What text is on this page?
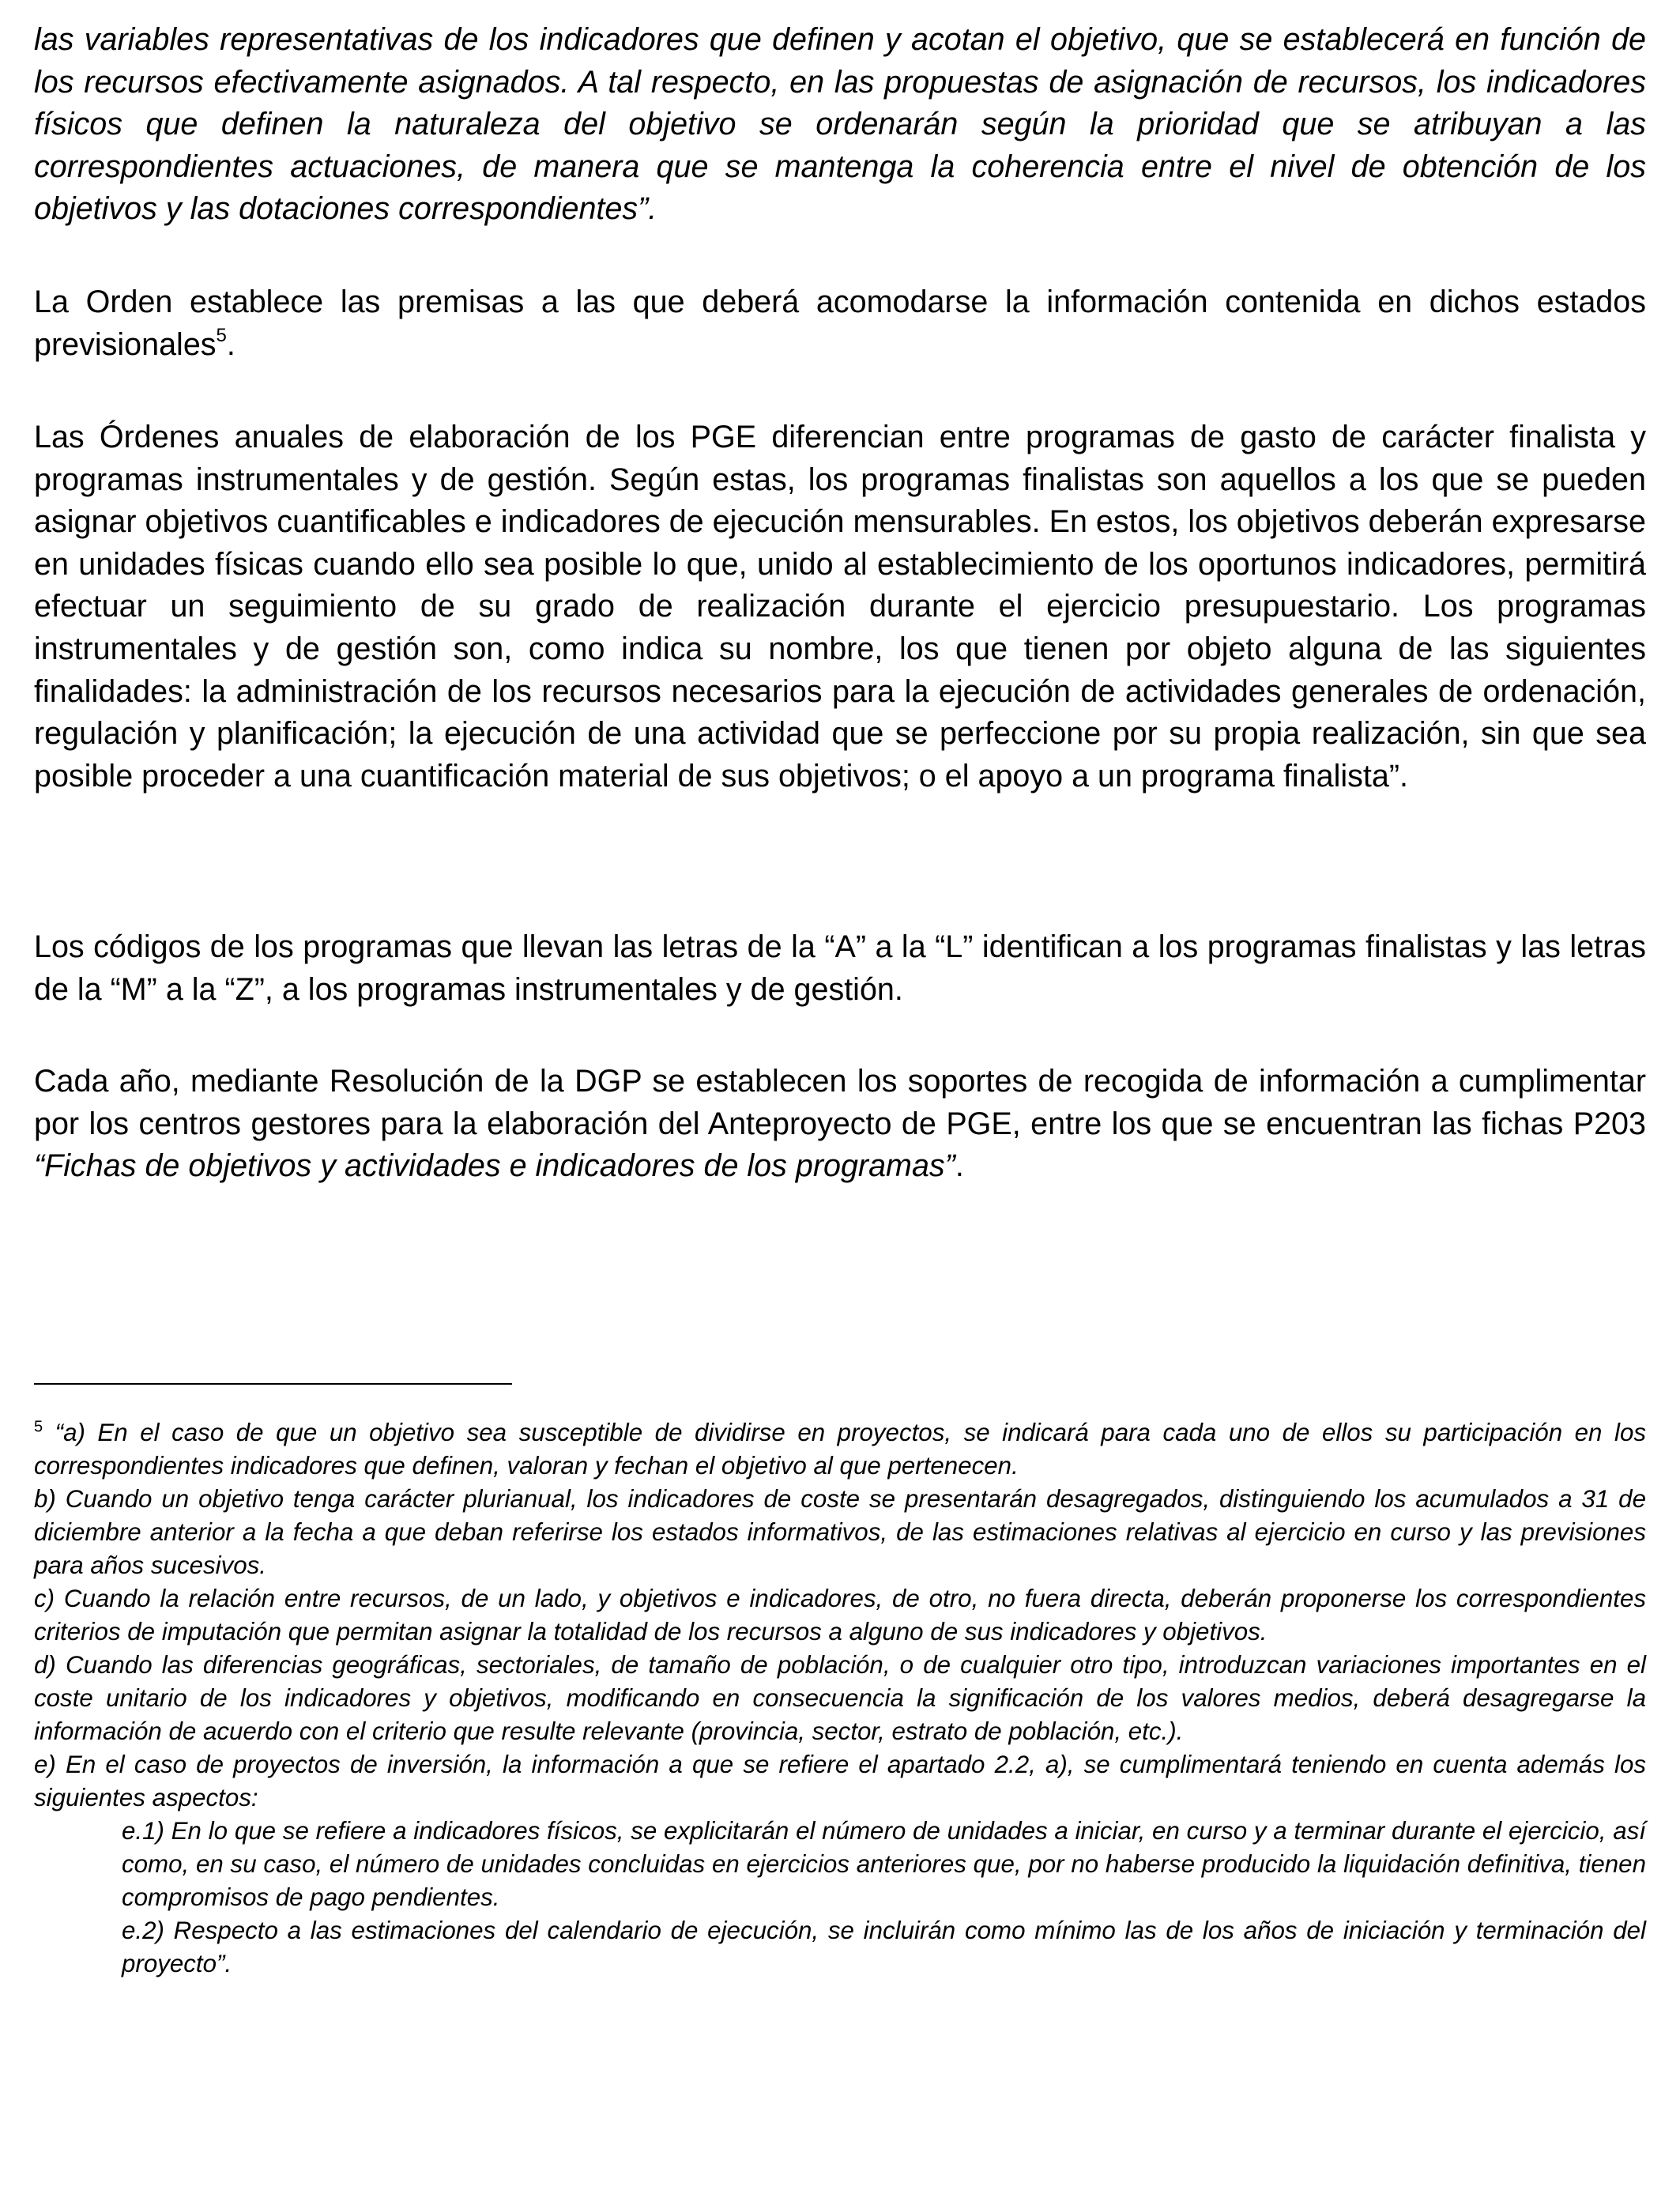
las variables representativas de los indicadores que definen y acotan el objetivo, que se establecerá en función de los recursos efectivamente asignados. A tal respecto, en las propuestas de asignación de recursos, los indicadores físicos que definen la naturaleza del objetivo se ordenarán según la prioridad que se atribuyan a las correspondientes actuaciones, de manera que se mantenga la coherencia entre el nivel de obtención de los objetivos y las dotaciones correspondientes”.

La Orden establece las premisas a las que deberá acomodarse la información contenida en dichos estados previsionales$^5$.

Las Órdenes anuales de elaboración de los PGE diferencian entre programas de gasto de carácter finalista y programas instrumentales y de gestión. Según estas, los programas finalistas son aquellos a los que se pueden asignar objetivos cuantificables e indicadores de ejecución mensurables. En estos, los objetivos deberán expresarse en unidades físicas cuando ello sea posible lo que, unido al establecimiento de los oportunos indicadores, permitirá efectuar un seguimiento de su grado de realización durante el ejercicio presupuestario. Los programas instrumentales y de gestión son, como indica su nombre, los que tienen por objeto alguna de las siguientes finalidades: la administración de los recursos necesarios para la ejecución de actividades generales de ordenación, regulación y planificación; la ejecución de una actividad que se perfeccione por su propia realización, sin que sea posible proceder a una cuantificación material de sus objetivos; o el apoyo a un programa finalista”.

Los códigos de los programas que llevan las letras de la “A” a la “L” identifican a los programas finalistas y las letras de la “M” a la “Z”, a los programas instrumentales y de gestión.

Cada año, mediante Resolución de la DGP se establecen los soportes de recogida de información a cumplimentar por los centros gestores para la elaboración del Anteproyecto de PGE, entre los que se encuentran las fichas P203 “Fichas de objetivos y actividades e indicadores de los programas”.

$^5$ “a) En el caso de que un objetivo sea susceptible de dividirse en proyectos, se indicará para cada uno de ellos su participación en los correspondientes indicadores que definen, valoran y fechan el objetivo al que pertenecen.

b) Cuando un objetivo tenga carácter plurianual, los indicadores de coste se presentarán desagregados, distinguiendo los acumulados a 31 de diciembre anterior a la fecha a que deban referirse los estados informativos, de las estimaciones relativas al ejercicio en curso y las previsiones para años sucesivos.

c) Cuando la relación entre recursos, de un lado, y objetivos e indicadores, de otro, no fuera directa, deberán proponerse los correspondientes criterios de imputación que permitan asignar la totalidad de los recursos a alguno de sus indicadores y objetivos.

d) Cuando las diferencias geográficas, sectoriales, de tamaño de población, o de cualquier otro tipo, introduzcan variaciones importantes en el coste unitario de los indicadores y objetivos, modificando en consecuencia la significación de los valores medios, deberá desagregarse la información de acuerdo con el criterio que resulte relevante (provincia, sector, estrato de población, etc.).

e) En el caso de proyectos de inversión, la información a que se refiere el apartado 2.2, a), se cumplimentará teniendo en cuenta además los siguientes aspectos:

e.1) En lo que se refiere a indicadores físicos, se explicitarán el número de unidades a iniciar, en curso y a terminar durante el ejercicio, así como, en su caso, el número de unidades concluidas en ejercicios anteriores que, por no haberse producido la liquidación definitiva, tienen compromisos de pago pendientes.

e.2) Respecto a las estimaciones del calendario de ejecución, se incluirán como mínimo las de los años de iniciación y terminación del proyecto”.
